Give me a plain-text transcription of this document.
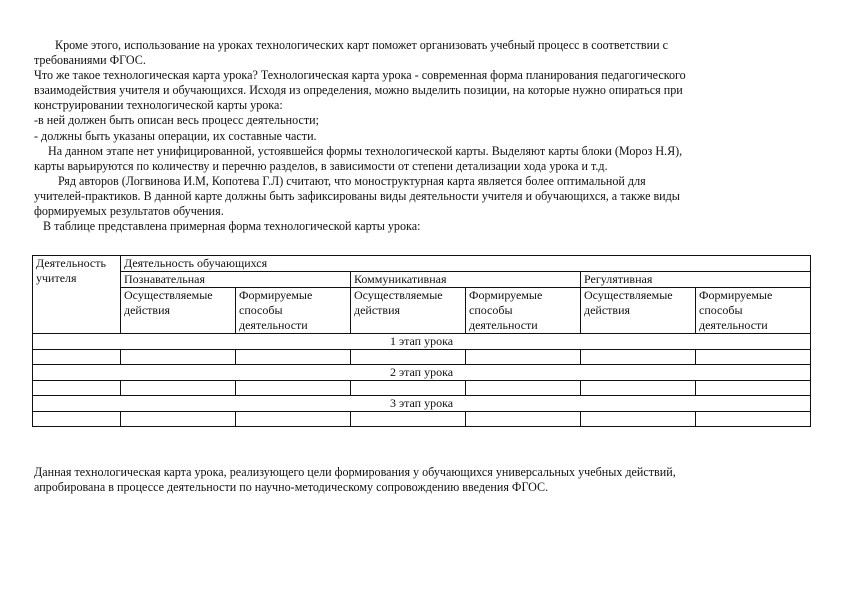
Кроме этого, использование на уроках технологических карт поможет организовать учебный процесс в соответствии с
требованиями ФГОС.
Что же такое технологическая карта урока? Технологическая карта урока - современная форма планирования педагогического
взаимодействия учителя и обучающихся. Исходя из определения, можно выделить позиции, на которые нужно опираться при
конструировании технологической карты урока:
-в ней должен быть описан весь процесс деятельности;
- должны быть указаны операции, их составные части.
На данном этапе нет унифицированной, устоявшейся формы технологической карты. Выделяют карты блоки (Мороз Н.Я),
карты варьируются по количеству и перечню разделов, в зависимости от степени детализации хода урока и т.д.
Ряд авторов (Логвинова И.М, Копотева Г.Л) считают, что моноструктурная карта является более оптимальной для
учителей-практиков. В данной карте должны быть зафиксированы виды деятельности учителя и обучающихся, а также виды
формируемых результатов обучения.
В таблице представлена примерная форма технологической карты урока:
Деятельность учителя	Деятельность обучающихся					
	Познавательная		Коммуникативная		Регулятивная	
	Осуществляемые действия	Формируемые способы деятельности	Осуществляемые действия	Формируемые способы деятельности	Осуществляемые действия	Формируемые способы деятельности
1 этап урока						

2 этап урока						

3 этап урока						

Данная технологическая карта урока, реализующего цели формирования у обучающихся универсальных учебных действий,
апробирована в процессе деятельности по научно-методическому сопровождению введения ФГОС.
